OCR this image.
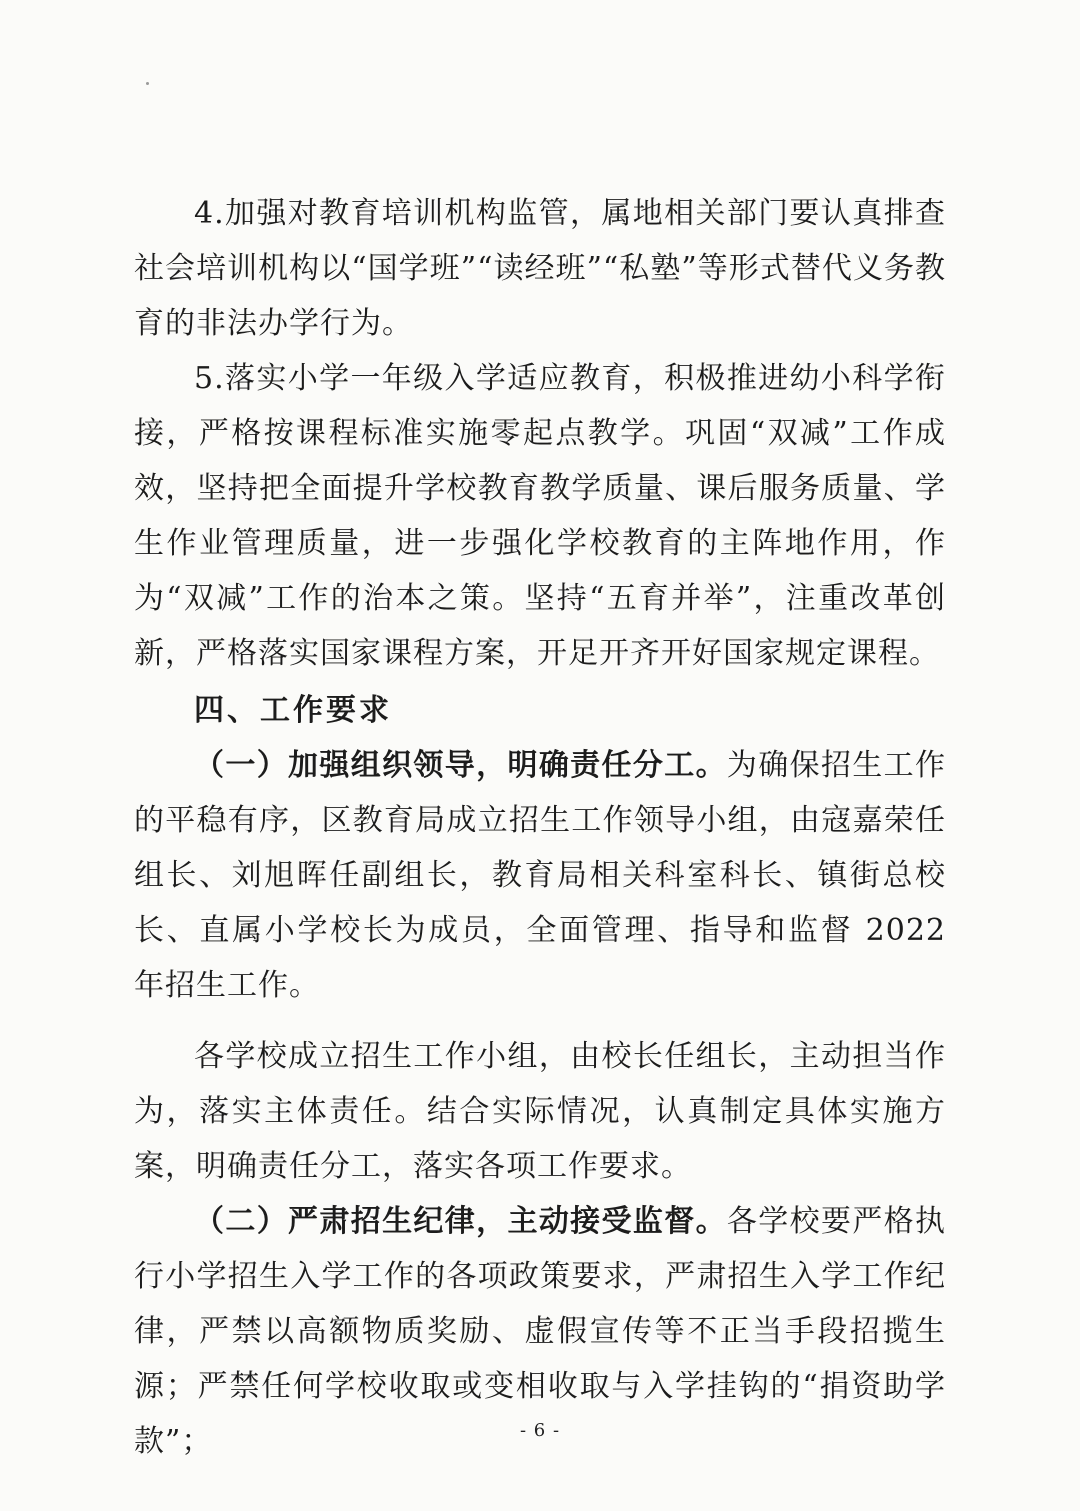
4.加强对教育培训机构监管，属地相关部门要认真排查社会培训机构以“国学班”“读经班”“私塾”等形式替代义务教育的非法办学行为。

5.落实小学一年级入学适应教育，积极推进幼小科学衔接，严格按课程标准实施零起点教学。巩固“双减”工作成效，坚持把全面提升学校教育教学质量、课后服务质量、学生作业管理质量，进一步强化学校教育的主阵地作用，作为“双减”工作的治本之策。坚持“五育并举”，注重改革创新，严格落实国家课程方案，开足开齐开好国家规定课程。

四、工作要求

（一）加强组织领导，明确责任分工。为确保招生工作的平稳有序，区教育局成立招生工作领导小组，由寇嘉荣任组长、刘旭晖任副组长，教育局相关科室科长、镇街总校长、直属小学校长为成员，全面管理、指导和监督 2022 年招生工作。

各学校成立招生工作小组，由校长任组长，主动担当作为，落实主体责任。结合实际情况，认真制定具体实施方案，明确责任分工，落实各项工作要求。

（二）严肃招生纪律，主动接受监督。各学校要严格执行小学招生入学工作的各项政策要求，严肃招生入学工作纪律，严禁以高额物质奖励、虚假宣传等不正当手段招揽生源；严禁任何学校收取或变相收取与入学挂钩的“捐资助学款”；	- 6 -
